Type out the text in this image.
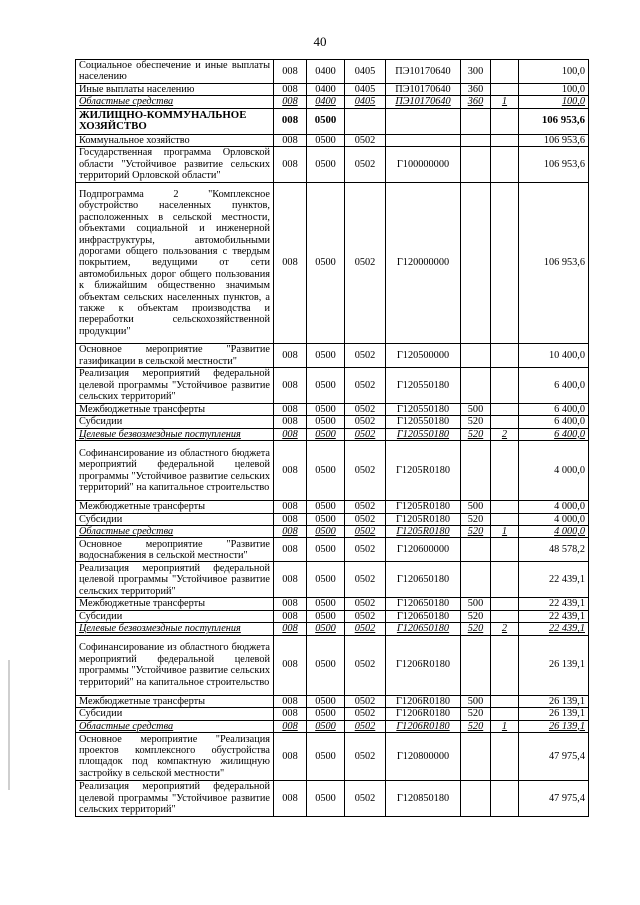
40
Социальное обеспечение и иные выплаты населению	008	0400	0405	ПЭ10170640	300		100,0
Иные выплаты населению	008	0400	0405	ПЭ10170640	360		100,0
Областные средства	008	0400	0405	ПЭ10170640	360	1	100,0
ЖИЛИЩНО-КОММУНАЛЬНОЕ ХОЗЯЙСТВО	008	0500					106 953,6
Коммунальное хозяйство	008	0500	0502				106 953,6
Государственная программа Орловской области "Устойчивое развитие сельских территорий Орловской области"	008	0500	0502	Г100000000			106 953,6
Подпрограмма 2 "Комплексное обустройство населенных пунктов, расположенных в сельской местности, объектами социальной и инженерной инфраструктуры, автомобильными дорогами общего пользования с твердым покрытием, ведущими от сети автомобильных дорог общего пользования к ближайшим общественно значимым объектам сельских населенных пунктов, а также к объектам производства и переработки сельскохозяйственной продукции"	008	0500	0502	Г120000000			106 953,6
Основное мероприятие "Развитие газификации в сельской местности"	008	0500	0502	Г120500000			10 400,0
Реализация мероприятий федеральной целевой программы "Устойчивое развитие сельских территорий"	008	0500	0502	Г120550180			6 400,0
Межбюджетные трансферты	008	0500	0502	Г120550180	500		6 400,0
Субсидии	008	0500	0502	Г120550180	520		6 400,0
Целевые безвозмездные поступления	008	0500	0502	Г120550180	520	2	6 400,0
Софинансирование из областного бюджета мероприятий федеральной целевой программы "Устойчивое развитие сельских территорий" на капитальное строительство	008	0500	0502	Г1205R0180			4 000,0
Межбюджетные трансферты	008	0500	0502	Г1205R0180	500		4 000,0
Субсидии	008	0500	0502	Г1205R0180	520		4 000,0
Областные средства	008	0500	0502	Г1205R0180	520	1	4 000,0
Основное мероприятие "Развитие водоснабжения в сельской местности"	008	0500	0502	Г120600000			48 578,2
Реализация мероприятий федеральной целевой программы "Устойчивое развитие сельских территорий"	008	0500	0502	Г120650180			22 439,1
Межбюджетные трансферты	008	0500	0502	Г120650180	500		22 439,1
Субсидии	008	0500	0502	Г120650180	520		22 439,1
Целевые безвозмездные поступления	008	0500	0502	Г120650180	520	2	22 439,1
Софинансирование из областного бюджета мероприятий федеральной целевой программы "Устойчивое развитие сельских территорий" на капитальное строительство	008	0500	0502	Г1206R0180			26 139,1
Межбюджетные трансферты	008	0500	0502	Г1206R0180	500		26 139,1
Субсидии	008	0500	0502	Г1206R0180	520		26 139,1
Областные средства	008	0500	0502	Г1206R0180	520	1	26 139,1
Основное мероприятие "Реализация проектов комплексного обустройства площадок под компактную жилищную застройку в сельской местности"	008	0500	0502	Г120800000			47 975,4
Реализация мероприятий федеральной целевой программы "Устойчивое развитие сельских территорий"	008	0500	0502	Г120850180			47 975,4
